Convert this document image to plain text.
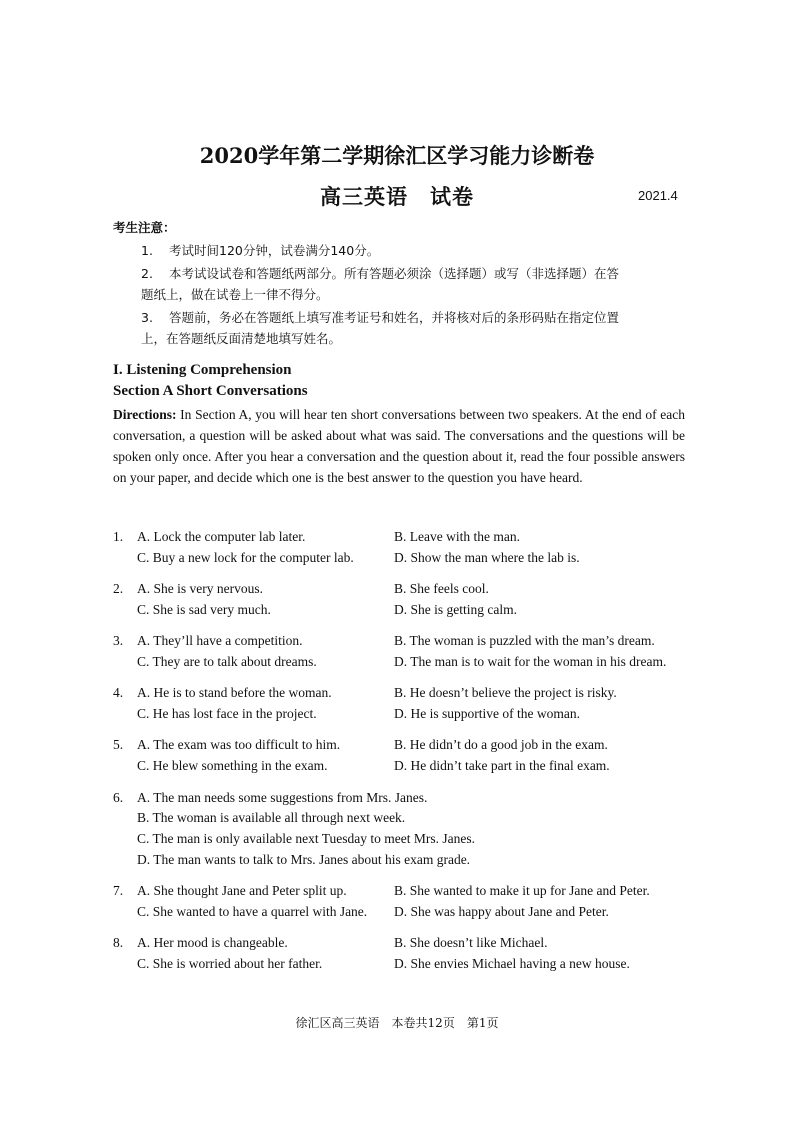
2020学年第二学期徐汇区学习能力诊断卷
高三英语 试卷	2021.4
考生注意：
1.	考试时间120分钟，试卷满分140分。
2.	本考试设试卷和答题纸两部分。所有答题必须涂（选择题）或写（非选择题）在答
题纸上，做在试卷上一律不得分。
3.	答题前，务必在答题纸上填写准考证号和姓名，并将核对后的条形码贴在指定位置
上，在答题纸反面清楚地填写姓名。
I. Listening Comprehension
Section A Short Conversations
Directions: In Section A, you will hear ten short conversations between two speakers. At the end of each conversation, a question will be asked about what was said. The conversations and the questions will be spoken only once. After you hear a conversation and the question about it, read the four possible answers on your paper, and decide which one is the best answer to the question you have heard.
1. A. Lock the computer lab later.	B. Leave with the man.
C. Buy a new lock for the computer lab.	D. Show the man where the lab is.
2. A. She is very nervous.	B. She feels cool.
C. She is sad very much.	D. She is getting calm.
3. A. They’ll have a competition.	B. The woman is puzzled with the man’s dream.
C. They are to talk about dreams.	D. The man is to wait for the woman in his dream.
4. A. He is to stand before the woman.	B. He doesn’t believe the project is risky.
C. He has lost face in the project.	D. He is supportive of the woman.
5. A. The exam was too difficult to him.	B. He didn’t do a good job in the exam.
C. He blew something in the exam.	D. He didn’t take part in the final exam.
6. A. The man needs some suggestions from Mrs. Janes.
B. The woman is available all through next week.
C. The man is only available next Tuesday to meet Mrs. Janes.
D. The man wants to talk to Mrs. Janes about his exam grade.
7. A. She thought Jane and Peter split up.	B. She wanted to make it up for Jane and Peter.
C. She wanted to have a quarrel with Jane. D. She was happy about Jane and Peter.
8. A. Her mood is changeable.	B. She doesn’t like Michael.
C. She is worried about her father.	D. She envies Michael having a new house.
徐汇区高三英语　本卷共12页　第1页
